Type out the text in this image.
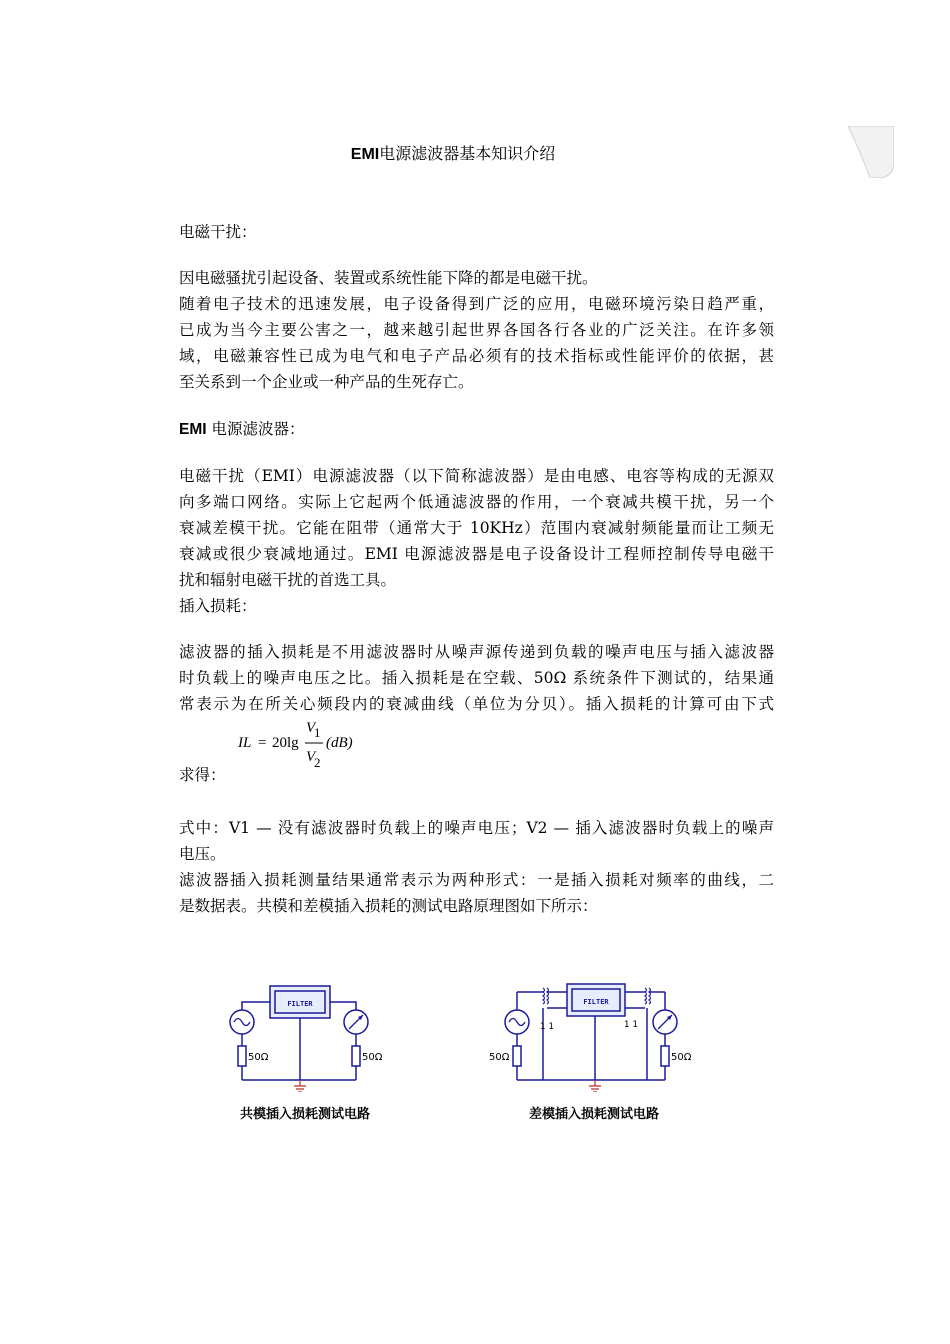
EMI电源滤波器基本知识介绍
电磁干扰：
因电磁骚扰引起设备、装置或系统性能下降的都是电磁干扰。
随着电子技术的迅速发展，电子设备得到广泛的应用，电磁环境污染日趋严重，
已成为当今主要公害之一，越来越引起世界各国各行各业的广泛关注。在许多领
域，电磁兼容性已成为电气和电子产品必须有的技术指标或性能评价的依据，甚
至关系到一个企业或一种产品的生死存亡。
EMI 电源滤波器：
电磁干扰（EMI）电源滤波器（以下简称滤波器）是由电感、电容等构成的无源双
向多端口网络。实际上它起两个低通滤波器的作用，一个衰减共模干扰，另一个
衰减差模干扰。它能在阻带（通常大于 10KHz）范围内衰减射频能量而让工频无
衰减或很少衰减地通过。EMI 电源滤波器是电子设备设计工程师控制传导电磁干
扰和辐射电磁干扰的首选工具。
插入损耗：
滤波器的插入损耗是不用滤波器时从噪声源传递到负载的噪声电压与插入滤波器
时负载上的噪声电压之比。插入损耗是在空载、50Ω 系统条件下测试的，结果通
常表示为在所关心频段内的衰减曲线（单位为分贝）。插入损耗的计算可由下式
IL = 20lg
V
1
V
2
(dB)
求得：
式中：V1 — 没有滤波器时负载上的噪声电压；V2 — 插入滤波器时负载上的噪声
电压。
滤波器插入损耗测量结果通常表示为两种形式：一是插入损耗对频率的曲线，二
是数据表。共模和差模插入损耗的测试电路原理图如下所示：
FILTER
50Ω	50Ω
共模插入损耗测试电路
FILTER
1 1	1 1
50Ω	50Ω
差模插入损耗测试电路
